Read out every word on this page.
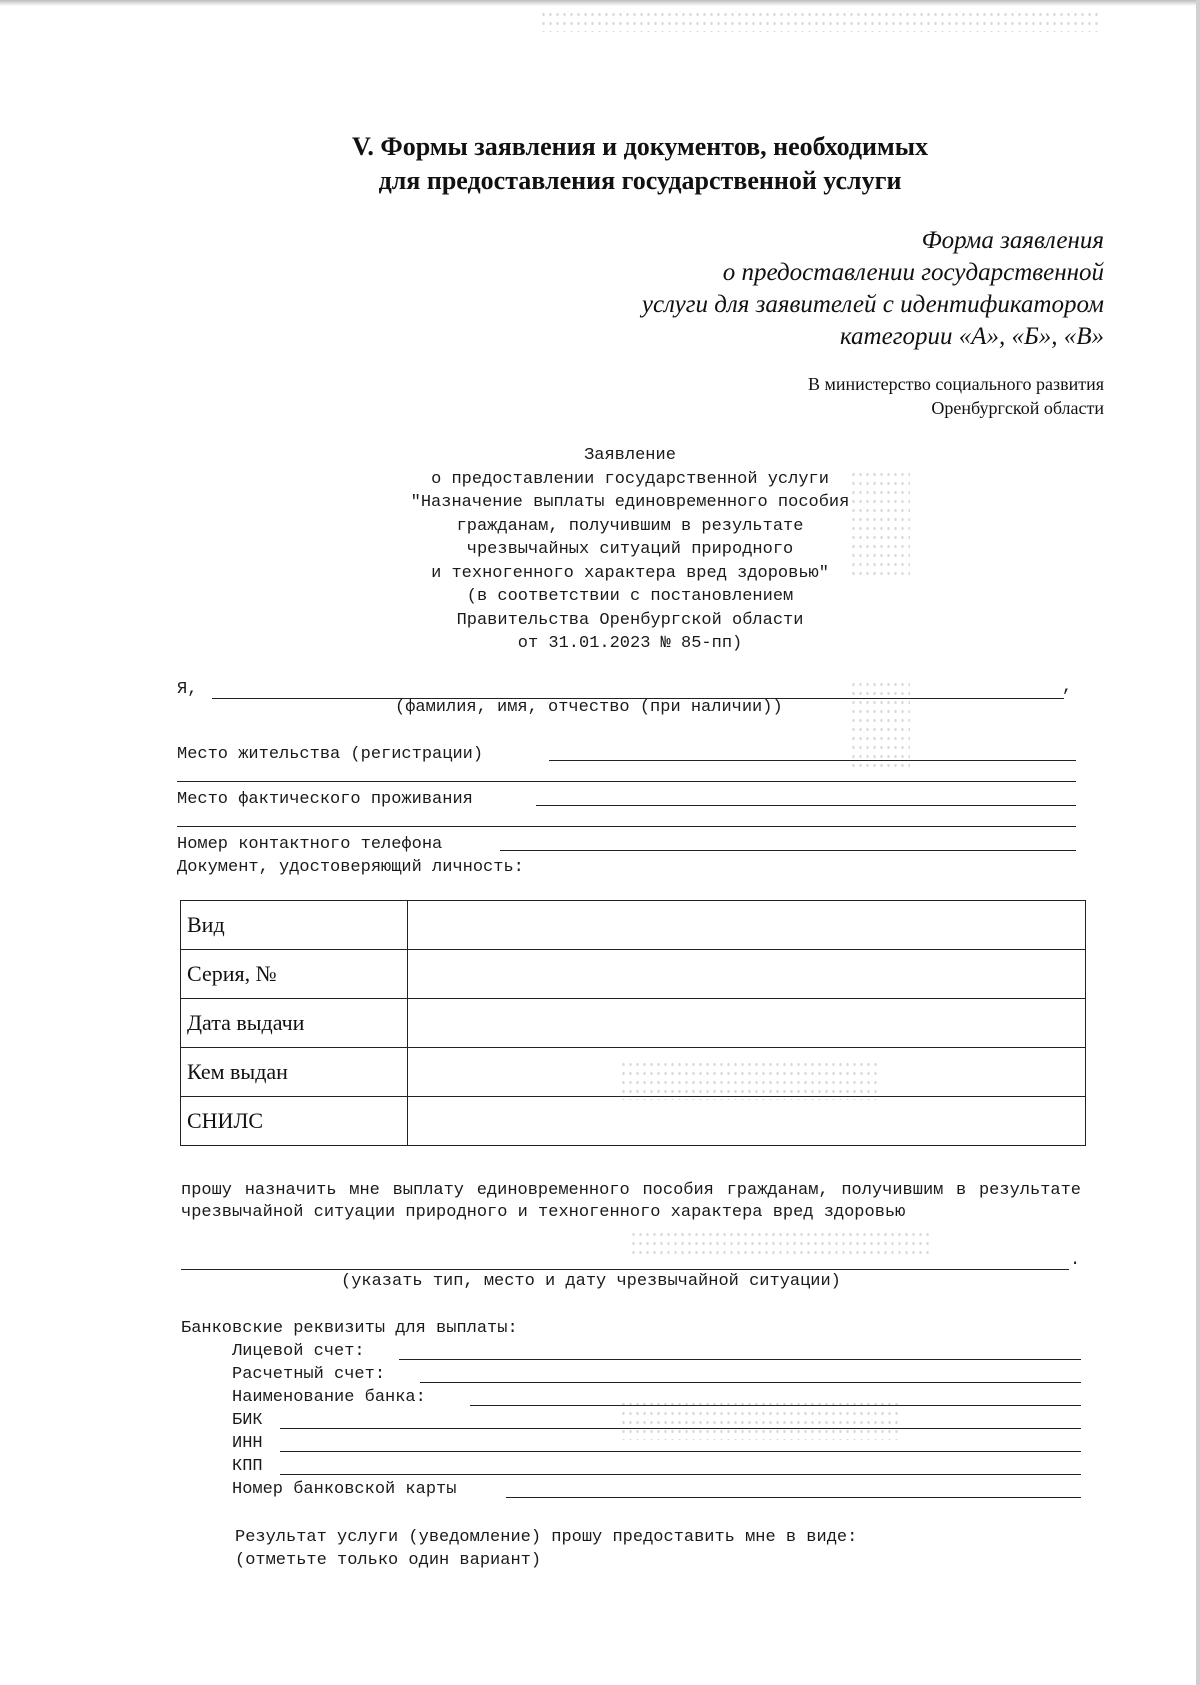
V. Формы заявления и документов, необходимых
для предоставления государственной услуги
Форма заявления
о предоставлении государственной
услуги для заявителей с идентификатором
категории «А», «Б», «В»
В министерство социального развития
Оренбургской области
Заявление
о предоставлении государственной услуги
"Назначение выплаты единовременного пособия
гражданам, получившим в результате
чрезвычайных ситуаций природного
и техногенного характера вред здоровью"
(в соответствии с постановлением
Правительства Оренбургской области
от 31.01.2023 № 85-пп)
Я,	,
(фамилия, имя, отчество (при наличии))
Место жительства (регистрации)
Место фактического проживания
Номер контактного телефона
Документ, удостоверяющий личность:
Вид	
Серия, №	
Дата выдачи	
Кем выдан	
СНИЛС	
прошу назначить мне выплату единовременного пособия гражданам, получившим в результате чрезвычайной ситуации природного и техногенного характера вред здоровью
.
(указать тип, место и дату чрезвычайной ситуации)
Банковские реквизиты для выплаты:
Лицевой счет:
Расчетный счет:
Наименование банка:
БИК
ИНН
КПП
Номер банковской карты
Результат услуги (уведомление) прошу предоставить мне в виде:
(отметьте только один вариант)
